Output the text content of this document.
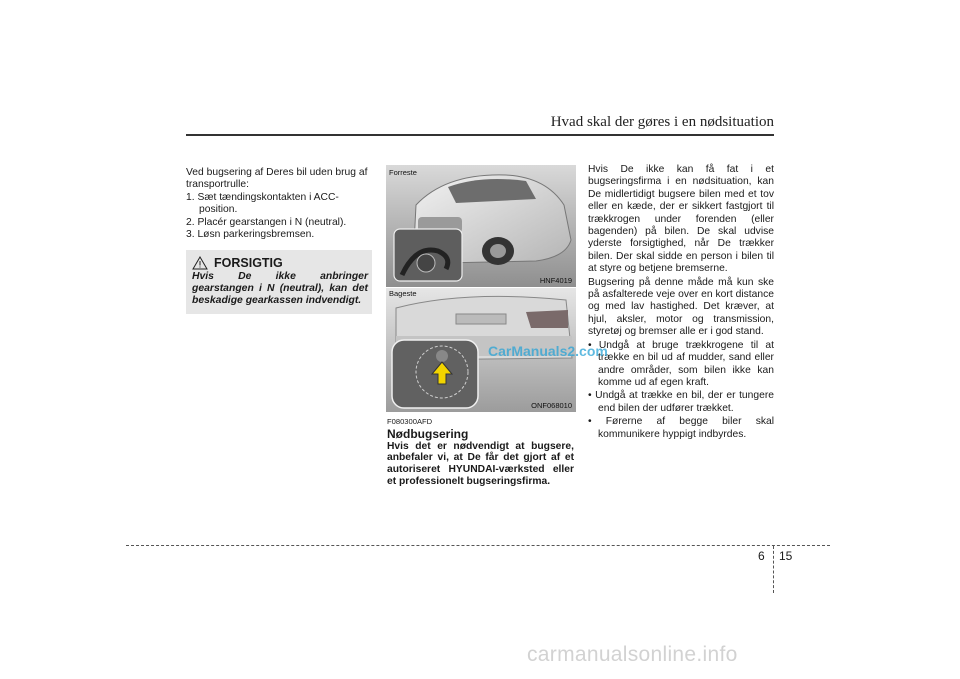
Hvad skal der gøres i en nødsituation

Ved bugsering af Deres bil uden brug af transportrulle:

1. Sæt tændingskontakten i ACC-position.

2. Placér gearstangen i N (neutral).

3. Løsn parkeringsbremsen.

FORSIGTIG
Hvis De ikke anbringer gearstangen i N (neutral), kan det beskadige gearkassen indvendigt.
Forreste
HNF4019
Bageste
ONF068010

F080300AFD

Nødbugsering

Hvis det er nødvendigt at bugsere, anbefaler vi, at De får det gjort af et autoriseret HYUNDAI-værksted eller et professionelt bugseringsfirma.

Hvis De ikke kan få fat i et bugseringsfirma i en nødsituation, kan De midlertidigt bugsere bilen med et tov eller en kæde, der er sikkert fastgjort til trækkrogen under forenden (eller bagenden) på bilen. De skal udvise yderste forsigtighed, når De trækker bilen. Der skal sidde en person i bilen til at styre og betjene bremserne.

Bugsering på denne måde må kun ske på asfalterede veje over en kort distance og med lav hastighed. Det kræver, at hjul, aksler, motor og transmission, styretøj og bremser alle er i god stand.

• Undgå at bruge trækkrogene til at trække en bil ud af mudder, sand eller andre områder, som bilen ikke kan komme ud af egen kraft.

• Undgå at trække en bil, der er tungere end bilen der udfører trækket.

• Førerne af begge biler skal kommunikere hyppigt indbyrdes.

CarManuals2.com
6 15
carmanualsonline.info
